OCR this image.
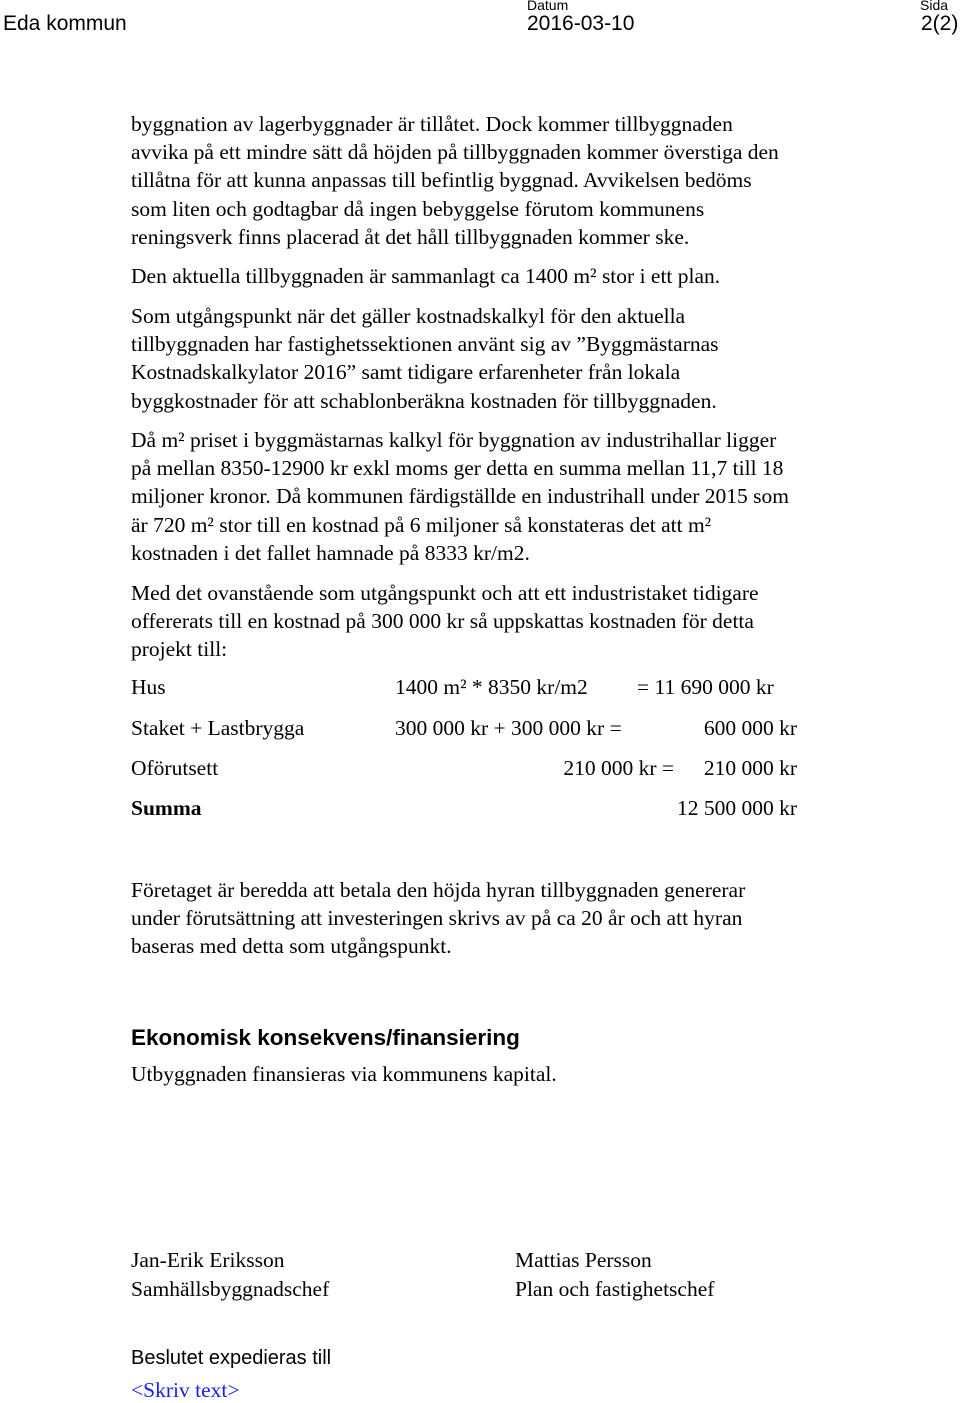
Eda kommun
Datum
2016-03-10
Sida
2(2)
byggnation av lagerbyggnader är tillåtet. Dock kommer tillbyggnaden
avvika på ett mindre sätt då höjden på tillbyggnaden kommer överstiga den
tillåtna för att kunna anpassas till befintlig byggnad. Avvikelsen bedöms
som liten och godtagbar då ingen bebyggelse förutom kommunens
reningsverk finns placerad åt det håll tillbyggnaden kommer ske.
Den aktuella tillbyggnaden är sammanlagt ca 1400 m² stor i ett plan.
Som utgångspunkt när det gäller kostnadskalkyl för den aktuella
tillbyggnaden har fastighetssektionen använt sig av ”Byggmästarnas
Kostnadskalkylator 2016” samt tidigare erfarenheter från lokala
byggkostnader för att schablonberäkna kostnaden för tillbyggnaden.
Då m² priset i byggmästarnas kalkyl för byggnation av industrihallar ligger
på mellan 8350-12900 kr exkl moms ger detta en summa mellan 11,7 till 18
miljoner kronor. Då kommunen färdigställde en industrihall under 2015 som
är 720 m² stor till en kostnad på 6 miljoner så konstateras det att m²
kostnaden i det fallet hamnade på 8333 kr/m2.
Med det ovanstående som utgångspunkt och att ett industristaket tidigare
offererats till en kostnad på 300 000 kr så uppskattas kostnaden för detta
projekt till:
Hus	1400 m² * 8350 kr/m2 = 11 690 000 kr
Staket + Lastbrygga	300 000 kr + 300 000 kr =	600 000 kr
Oförutsett	210 000 kr = 210 000 kr
Summa	12 500 000 kr
Företaget är beredda att betala den höjda hyran tillbyggnaden genererar
under förutsättning att investeringen skrivs av på ca 20 år och att hyran
baseras med detta som utgångspunkt.
Ekonomisk konsekvens/finansiering
Utbyggnaden finansieras via kommunens kapital.
Jan-Erik Eriksson
Samhällsbyggnadschef
Mattias Persson
Plan och fastighetschef
Beslutet expedieras till
<Skriv text>
